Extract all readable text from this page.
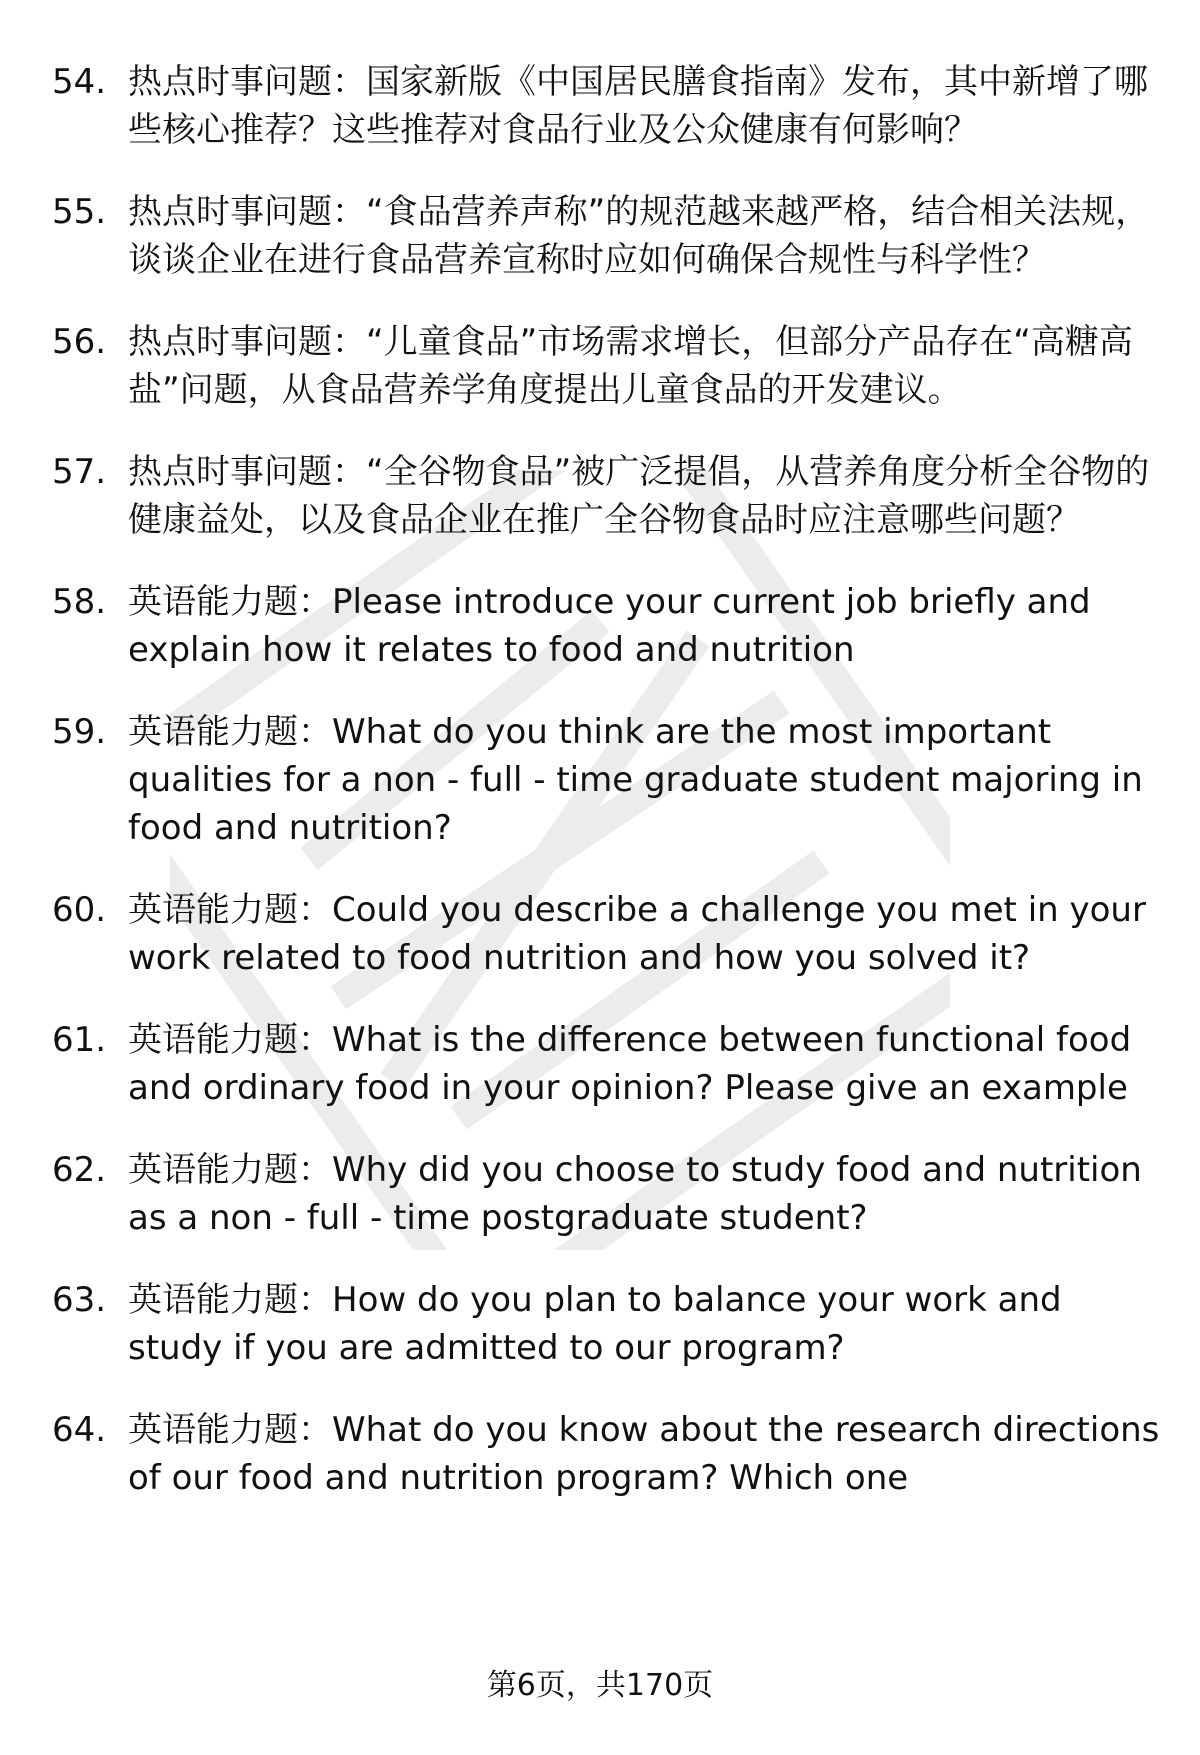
54. 热点时事问题：国家新版《中国居民膳食指南》发布，其中新增了哪些核心推荐？这些推荐对食品行业及公众健康有何影响？
55. 热点时事问题：“食品营养声称”的规范越来越严格，结合相关法规，谈谈企业在进行食品营养宣称时应如何确保合规性与科学性？
56. 热点时事问题：“儿童食品”市场需求增长，但部分产品存在“高糖高盐”问题，从食品营养学角度提出儿童食品的开发建议。
57. 热点时事问题：“全谷物食品”被广泛提倡，从营养角度分析全谷物的健康益处，以及食品企业在推广全谷物食品时应注意哪些问题？
58. 英语能力题：Please introduce your current job briefly and explain how it relates to food and nutrition
59. 英语能力题：What do you think are the most important qualities for a non - full - time graduate student majoring in food and nutrition?
60. 英语能力题：Could you describe a challenge you met in your work related to food nutrition and how you solved it?
61. 英语能力题：What is the difference between functional food and ordinary food in your opinion? Please give an example
62. 英语能力题：Why did you choose to study food and nutrition as a non - full - time postgraduate student?
63. 英语能力题：How do you plan to balance your work and study if you are admitted to our program?
64. 英语能力题：What do you know about the research directions of our food and nutrition program? Which one
第6页，共170页
